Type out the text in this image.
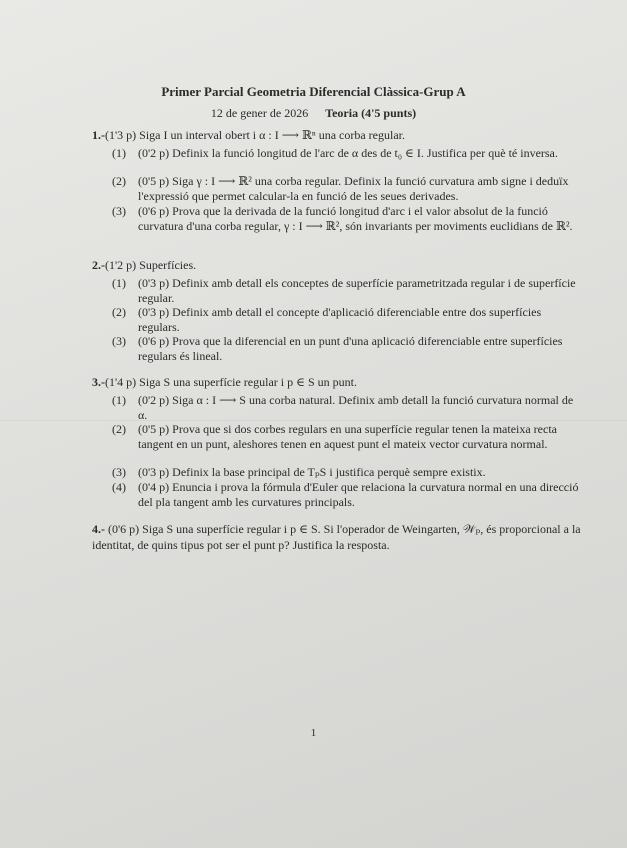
Primer Parcial Geometria Diferencial Clàssica-Grup A
12 de gener de 2026 Teoria (4'5 punts)
1.-(1'3 p) Siga I un interval obert i α : I ⟶ ℝⁿ una corba regular.
(1) (0'2 p) Definix la funció longitud de l'arc de α des de t₀ ∈ I. Justifica per què té inversa.
(2) (0'5 p) Siga γ : I ⟶ ℝ² una corba regular. Definix la funció curvatura amb signe i deduïx l'expressió que permet calcular-la en funció de les seues derivades.
(3) (0'6 p) Prova que la derivada de la funció longitud d'arc i el valor absolut de la funció curvatura d'una corba regular, γ : I ⟶ ℝ², són invariants per moviments euclidians de ℝ².
2.-(1'2 p) Superfícies.
(1) (0'3 p) Definix amb detall els conceptes de superfície parametritzada regular i de superfície regular.
(2) (0'3 p) Definix amb detall el concepte d'aplicació diferenciable entre dos superfícies regulars.
(3) (0'6 p) Prova que la diferencial en un punt d'una aplicació diferenciable entre superfícies regulars és lineal.
3.-(1'4 p) Siga S una superfície regular i p ∈ S un punt.
(1) (0'2 p) Siga α : I ⟶ S una corba natural. Definix amb detall la funció curvatura normal de α.
(2) (0'5 p) Prova que si dos corbes regulars en una superfície regular tenen la mateixa recta tangent en un punt, aleshores tenen en aquest punt el mateix vector curvatura normal.
(3) (0'3 p) Definix la base principal de TₚS i justifica perquè sempre existix.
(4) (0'4 p) Enuncia i prova la fórmula d'Euler que relaciona la curvatura normal en una direcció del pla tangent amb les curvatures principals.
4.- (0'6 p) Siga S una superfície regular i p ∈ S. Si l'operador de Weingarten, 𝒲ₚ, és proporcional a la identitat, de quins tipus pot ser el punt p? Justifica la resposta.
1
